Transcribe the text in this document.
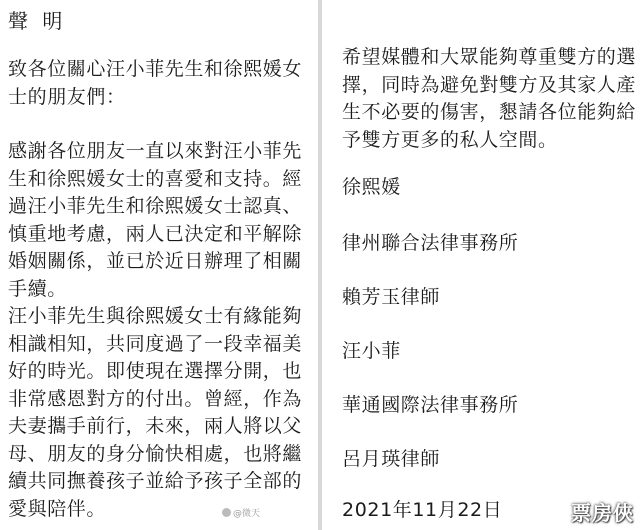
聲 明
致各位關心汪小菲先生和徐熙媛女
士的朋友們：
感謝各位朋友一直以來對汪小菲先
生和徐熙媛女士的喜愛和支持。經
過汪小菲先生和徐熙媛女士認真、
慎重地考慮，兩人已決定和平解除
婚姻關係，並已於近日辦理了相關
手續。
汪小菲先生與徐熙媛女士有緣能夠
相識相知，共同度過了一段幸福美
好的時光。即使現在選擇分開，也
非常感恩對方的付出。曾經，作為
夫妻攜手前行，未來，兩人將以父
母、朋友的身分愉快相處，也將繼
續共同撫養孩子並給予孩子全部的
愛與陪伴。	@微天
希望媒體和大眾能夠尊重雙方的選
擇，同時為避免對雙方及其家人產
生不必要的傷害，懇請各位能夠給
予雙方更多的私人空間。
徐熙媛
律州聯合法律事務所
賴芳玉律師
汪小菲
華通國際法律事務所
呂月瑛律師
2021年11月22日	票房俠
